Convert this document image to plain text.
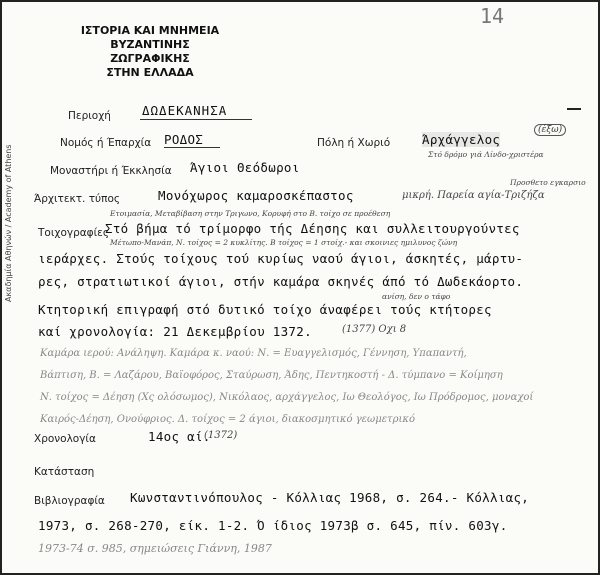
Ακαδημία Αθηνών / Academy of Athens
14
ΙΣΤΟΡΙΑ ΚΑΙ ΜΝΗΜΕΙΑ
ΒΥΖΑΝΤΙΝΗΣ ΖΩΓΡΑΦΙΚΗΣ
ΣΤΗΝ ΕΛΛΑΔΑ
Περιοχή ΔΩΔΕΚΑΝΗΣΑ
Νομός ή Έπαρχία ΡΟΔΟΣ	Πόλη ή Χωριό	Άρχάγγελος
(έξω)
Στό δρόμο γιά Λίνδο-χριστέρα
Μοναστήρι ή Έκκλησία Άγιοι Θεόδωροι
Άρχιτεκτ. τύπος	Μονόχωρος καμαροσκέπαστος	μικρή. Παρεία αγία-Τριζήζα
Προσθετο εγκαρσιο
Τοιχογραφίες
Ετοιμασία, Μεταβίβαση στην Τριγωνο, Κορυφή στο Β. τοίχο σε προέθεση
Στό βήμα τό τρίμορφο τής Δέησης και συλλειτουργούντες
Μέτωπο-Μανάπ, Ν. τοίχος = 2 κυκλίτης. Β τοίχος = 1 στοίχ.- και σκοινιες ημιλυνος ζώνη
ιεράρχες. Στούς τοίχους τού κυρίως ναού άγιοι, άσκητές, μάρτυ-
ρες, στρατιωτικοί άγιοι, στήν καμάρα σκηνές άπό τό Δωδεκάορτο.
ανίση, δεν ο τάφο
Κτητορική επιγραφή στό δυτικό τοίχο άναφέρει τούς κτήτορες
καί χρονολογία: 21 Δεκεμβρίου 1372.	(1377) Οχι 8
Καμάρα ιερού: Ανάληψη. Καμάρα κ. ναού: Ν. = Ευαγγελισμός, Γέννηση, Υπαπαντή,
Βάπτιση, Β. = Λαζάρου, Βαϊοφόρος, Σταύρωση, Άδης, Πεντηκοστή - Δ. τύμπανο = Κοίμηση
Ν. τοίχος = Δέηση (Χς ολόσωμος), Νικόλαος, αρχάγγελος, Ιω Θεολόγος, Ιω Πρόδρομος, μοναχοί
Καιρός-Δέηση, Ονούφριος. Δ. τοίχος = 2 άγιοι, διακοσμητικό γεωμετρικό
Χρονολογία	14ος αί.
(1372)
Κατάσταση
Βιβλιογραφία Κωνσταντινόπουλος - Κόλλιας 1968, σ. 264.- Κόλλιας,
1973, σ. 268-270, είκ. 1-2. Ό ίδιος 1973β σ. 645, πίν. 603γ.
1973-74 σ. 985, σημειώσεις Γιάννη, 1987
